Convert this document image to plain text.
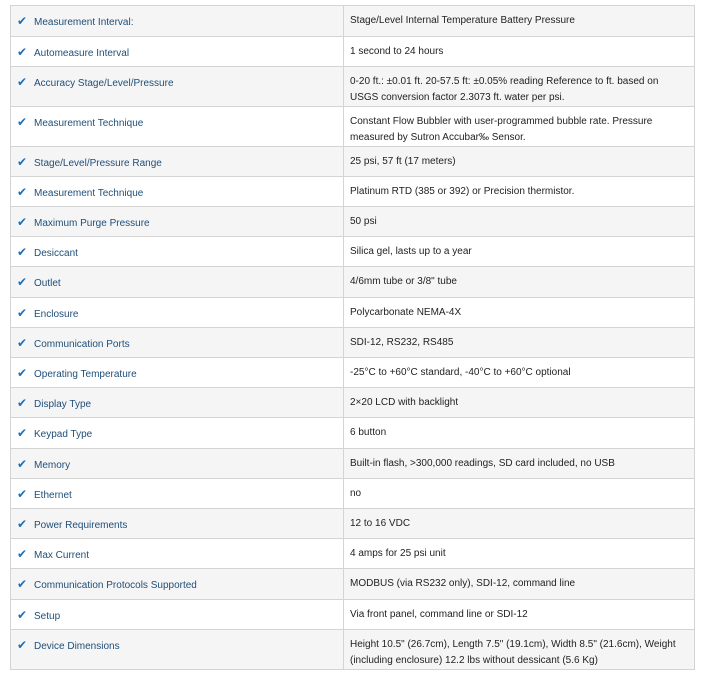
✔ Measurement Interval:	Stage/Level Internal Temperature Battery Pressure
✔ Automeasure Interval	1 second to 24 hours
✔ Accuracy Stage/Level/Pressure	0-20 ft.: ±0.01 ft. 20-57.5 ft: ±0.05% reading Reference to ft. based on USGS conversion factor 2.3073 ft. water per psi.
✔ Measurement Technique	Constant Flow Bubbler with user-programmed bubble rate. Pressure measured by Sutron Accubar‰ Sensor.
✔ Stage/Level/Pressure Range	25 psi, 57 ft (17 meters)
✔ Measurement Technique	Platinum RTD (385 or 392) or Precision thermistor.
✔ Maximum Purge Pressure	50 psi
✔ Desiccant	Silica gel, lasts up to a year
✔ Outlet	4/6mm tube or 3/8" tube
✔ Enclosure	Polycarbonate NEMA-4X
✔ Communication Ports	SDI-12, RS232, RS485
✔ Operating Temperature	-25°C to +60°C standard, -40°C to +60°C optional
✔ Display Type	2×20 LCD with backlight
✔ Keypad Type	6 button
✔ Memory	Built-in flash, >300,000 readings, SD card included, no USB
✔ Ethernet	no
✔ Power Requirements	12 to 16 VDC
✔ Max Current	4 amps for 25 psi unit
✔ Communication Protocols Supported	MODBUS (via RS232 only), SDI-12, command line
✔ Setup	Via front panel, command line or SDI-12
✔ Device Dimensions	Height 10.5" (26.7cm), Length 7.5" (19.1cm), Width 8.5" (21.6cm), Weight (including enclosure) 12.2 lbs without dessicant (5.6 Kg)
